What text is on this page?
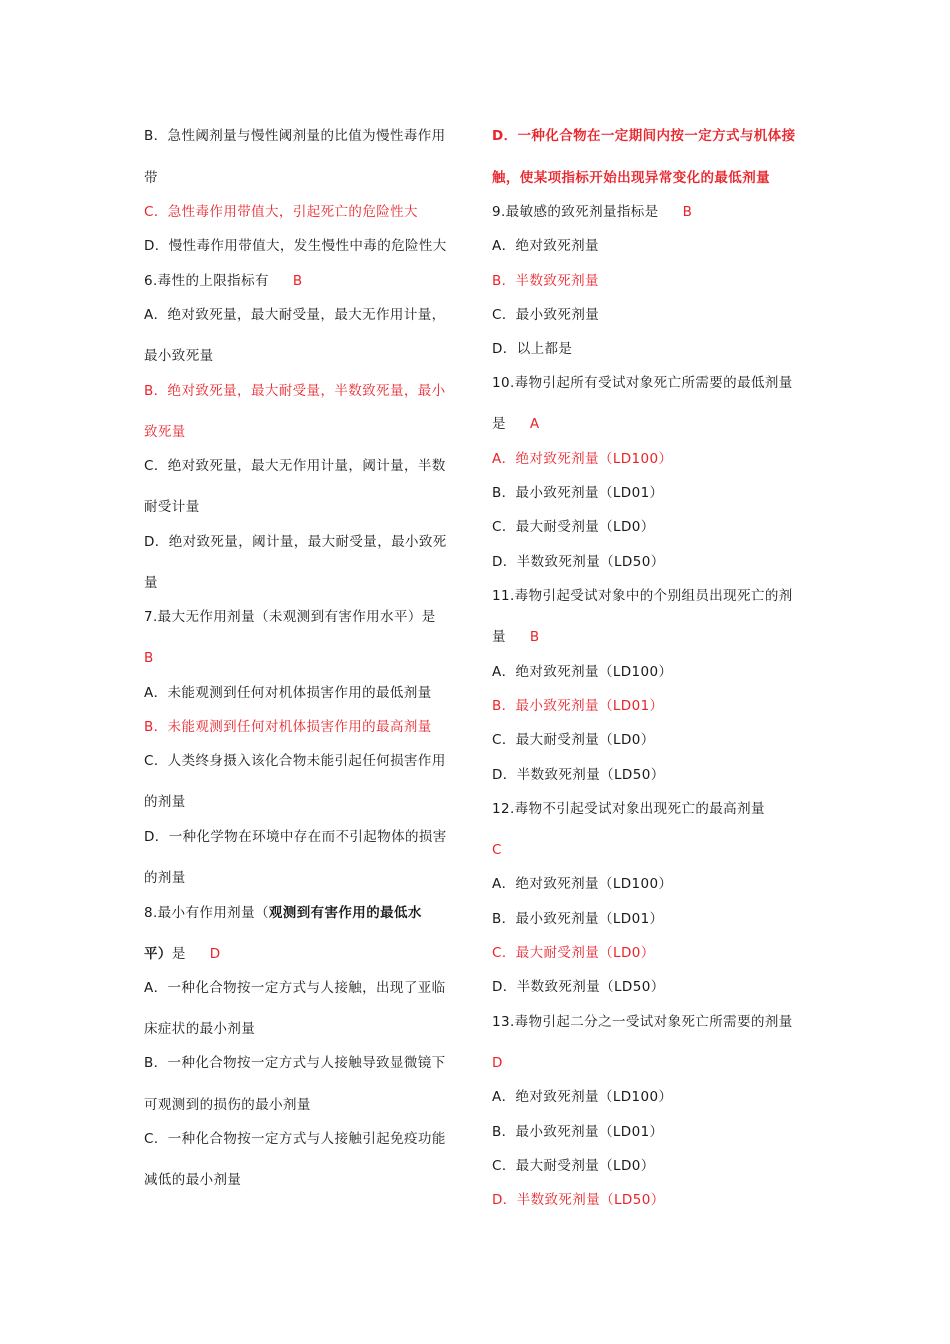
B．急性阈剂量与慢性阈剂量的比值为慢性毒作用
带
C．急性毒作用带值大，引起死亡的危险性大
D．慢性毒作用带值大，发生慢性中毒的危险性大
6.毒性的上限指标有 B
A．绝对致死量，最大耐受量，最大无作用计量，
最小致死量
B．绝对致死量，最大耐受量，半数致死量，最小
致死量
C．绝对致死量，最大无作用计量，阈计量，半数
耐受计量
D．绝对致死量，阈计量，最大耐受量，最小致死
量
7.最大无作用剂量（未观测到有害作用水平）是
B
A．未能观测到任何对机体损害作用的最低剂量
B．未能观测到任何对机体损害作用的最高剂量
C．人类终身摄入该化合物未能引起任何损害作用
的剂量
D．一种化学物在环境中存在而不引起物体的损害
的剂量
8.最小有作用剂量（观测到有害作用的最低水
平）是 D
A．一种化合物按一定方式与人接触，出现了亚临
床症状的最小剂量
B．一种化合物按一定方式与人接触导致显微镜下
可观测到的损伤的最小剂量
C．一种化合物按一定方式与人接触引起免疫功能
减低的最小剂量
D．一种化合物在一定期间内按一定方式与机体接
触，使某项指标开始出现异常变化的最低剂量
9.最敏感的致死剂量指标是 B
A．绝对致死剂量
B．半数致死剂量
C．最小致死剂量
D．以上都是
10.毒物引起所有受试对象死亡所需要的最低剂量
是 A
A．绝对致死剂量（LD100）
B．最小致死剂量（LD01）
C．最大耐受剂量（LD0）
D．半数致死剂量（LD50）
11.毒物引起受试对象中的个别组员出现死亡的剂
量 B
A．绝对致死剂量（LD100）
B．最小致死剂量（LD01）
C．最大耐受剂量（LD0）
D．半数致死剂量（LD50）
12.毒物不引起受试对象出现死亡的最高剂量
C
A．绝对致死剂量（LD100）
B．最小致死剂量（LD01）
C．最大耐受剂量（LD0）
D．半数致死剂量（LD50）
13.毒物引起二分之一受试对象死亡所需要的剂量
D
A．绝对致死剂量（LD100）
B．最小致死剂量（LD01）
C．最大耐受剂量（LD0）
D．半数致死剂量（LD50）
